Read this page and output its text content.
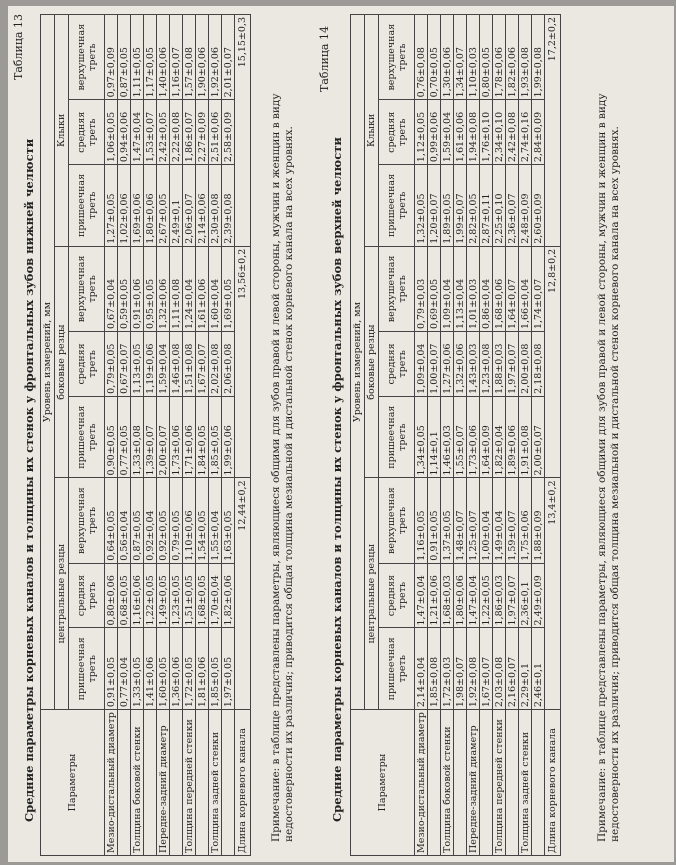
Таблица 13
Средние параметры корневых каналов и толщины их стенок у фронтальных зубов нижней челюсти	Параметры	Уровень измерений, мм								
	центральные резцы			боковые резцы			Клыки		
	пришеечная треть	средняя треть	верхушечная треть	пришеечная треть	средняя треть	верхушечная треть	пришеечная треть	средняя треть	верхушечная треть
Мезио-дистальный диаметр	0,91±0,05	0,80±0,06	0,64±0,05	0,90±0,05	0,79±0,05	0,67±0,04	1,27±0,05	1,06±0,05	0,97±0,09
	0,77±0,04	0,68±0,05	0,56±0,04	0,77±0,05	0,67±0,07	0,59±0,05	1,02±0,06	0,94±0,06	0,87±0,05
Толщина боковой стенки	1,33±0,05	1,16±0,06	0,87±0,05	1,33±0,08	1,13±0,05	0,91±0,06	1,69±0,06	1,47±0,04	1,11±0,05
	1,41±0,06	1,22±0,05	0,92±0,04	1,39±0,07	1,19±0,06	0,95±0,05	1,80±0,06	1,53±0,07	1,17±0,05
Передне-задний диаметр	1,60±0,05	1,49±0,05	0,92±0,05	2,00±0,07	1,59±0,04	1,32±0,06	2,67±0,05	2,42±0,05	1,40±0,06
	1,36±0,06	1,23±0,05	0,79±0,05	1,73±0,06	1,46±0,08	1,11±0,08	2,49±0,1	2,22±0,08	1,16±0,07
Толщина передней стенки	1,72±0,05	1,51±0,05	1,10±0,06	1,71±0,06	1,51±0,08	1,24±0,04	2,06±0,07	1,86±0,07	1,57±0,08
	1,81±0,06	1,68±0,05	1,54±0,05	1,84±0,05	1,67±0,07	1,61±0,06	2,14±0,06	2,27±0,09	1,90±0,06
Толщина задней стенки	1,85±0,05	1,70±0,04	1,55±0,04	1,85±0,05	2,02±0,08	1,60±0,04	2,30±0,08	2,51±0,06	1,92±0,06
	1,97±0,05	1,82±0,06	1,63±0,05	1,99±0,06	2,06±0,08	1,69±0,05	2,39±0,08	2,58±0,09	2,01±0,07
Длина корневого канала	12,44±0,2			13,56±0,2			15,15±0,3		
Примечание: в таблице представлены параметры, являющиеся общими для зубов правой и левой стороны, мужчин и женщин в виду недостоверности их различия; приводится общая толщина мезиальной и дистальной стенок корневого канала на всех уровнях.
Таблица 14
Средние параметры корневых каналов и толщины их стенок у фронтальных зубов верхней челюсти	Параметры	Уровень измерений, мм								
	центральные резцы			боковые резцы			Клыки		
	пришеечная треть	средняя треть	верхушечная треть	пришеечная треть	средняя треть	верхушечная треть	пришеечная треть	средняя треть	верхушечная треть
Мезио-дистальный диаметр	2,14±0,04	1,47±0,04	1,16±0,05	1,34±0,05	1,09±0,04	0,79±0,03	1,32±0,05	1,12±0,05	0,76±0,08
	1,85±0,08	1,21±0,06	0,91±0,05	1,14±0,1	1,00±0,07	0,69±0,05	1,20±0,07	0,99±0,06	0,70±0,05
Толщина боковой стенки	1,72±0,03	1,68±0,03	1,37±0,05	1,46±0,03	1,27±0,06	1,09±0,04	1,89±0,05	1,59±0,04	1,30±0,06
	1,98±0,07	1,80±0,06	1,48±0,07	1,55±0,07	1,32±0,06	1,13±0,04	1,99±0,07	1,61±0,06	1,34±0,07
Передне-задний диаметр	1,92±0,08	1,47±0,04	1,25±0,07	1,73±0,06	1,43±0,03	1,01±0,03	2,82±0,05	1,94±0,08	1,10±0,03
	1,67±0,07	1,22±0,05	1,00±0,04	1,64±0,09	1,23±0,08	0,86±0,04	2,87±0,11	1,76±0,10	0,80±0,05
Толщина передней стенки	2,03±0,08	1,86±0,03	1,49±0,04	1,82±0,04	1,88±0,03	1,68±0,06	2,25±0,10	2,34±0,10	1,78±0,06
	2,16±0,07	1,97±0,07	1,59±0,07	1,89±0,06	1,97±0,07	1,64±0,07	2,36±0,07	2,42±0,08	1,82±0,06
Толщина задней стенки	2,29±0,1	2,36±0,1	1,75±0,06	1,91±0,08	2,00±0,08	1,66±0,04	2,48±0,09	2,74±0,16	1,93±0,08
	2,46±0,1	2,49±0,09	1,88±0,09	2,00±0,07	2,18±0,08	1,74±0,07	2,60±0,09	2,84±0,09	1,99±0,08
Длина корневого канала	13,4±0,2			12,8±0,2			17,2±0,2		
Примечание: в таблице представлены параметры, являющиеся общими для зубов правой и левой стороны, мужчин и женщин в виду недостоверности их различия; приводится общая толщина мезиальной и дистальной стенок корневого канала на всех уровнях.
